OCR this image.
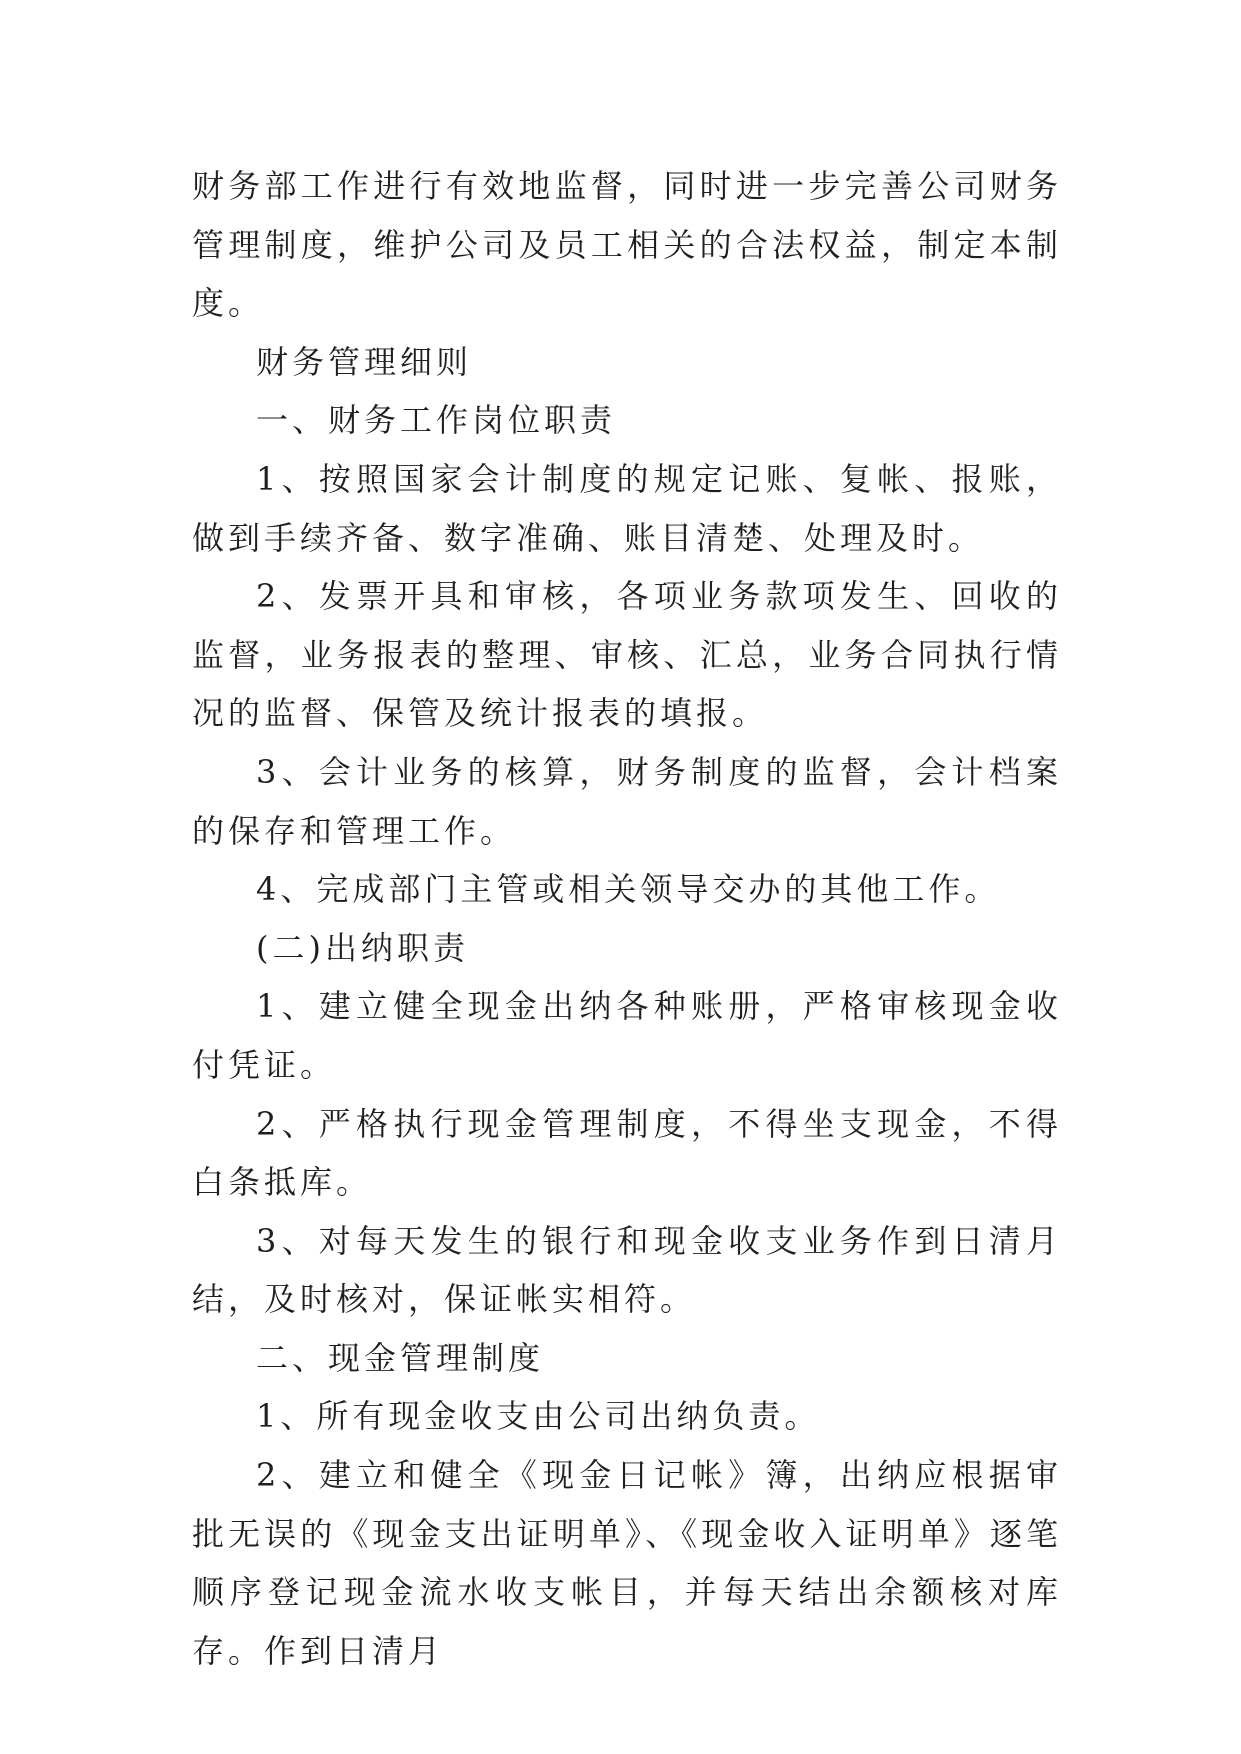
财务部工作进行有效地监督，同时进一步完善公司财务管理制度，维护公司及员工相关的合法权益，制定本制度。

财务管理细则

一、财务工作岗位职责

1、按照国家会计制度的规定记账、复帐、报账，做到手续齐备、数字准确、账目清楚、处理及时。

2、发票开具和审核，各项业务款项发生、回收的监督，业务报表的整理、审核、汇总，业务合同执行情况的监督、保管及统计报表的填报。

3、会计业务的核算，财务制度的监督，会计档案的保存和管理工作。

4、完成部门主管或相关领导交办的其他工作。

(二)出纳职责

1、建立健全现金出纳各种账册，严格审核现金收付凭证。

2、严格执行现金管理制度，不得坐支现金，不得白条抵库。

3、对每天发生的银行和现金收支业务作到日清月结，及时核对，保证帐实相符。

二、现金管理制度

1、所有现金收支由公司出纳负责。

2、建立和健全《现金日记帐》簿，出纳应根据审批无误的《现金支出证明单》、《现金收入证明单》逐笔顺序登记现金流水收支帐目，并每天结出余额核对库存。作到日清月
